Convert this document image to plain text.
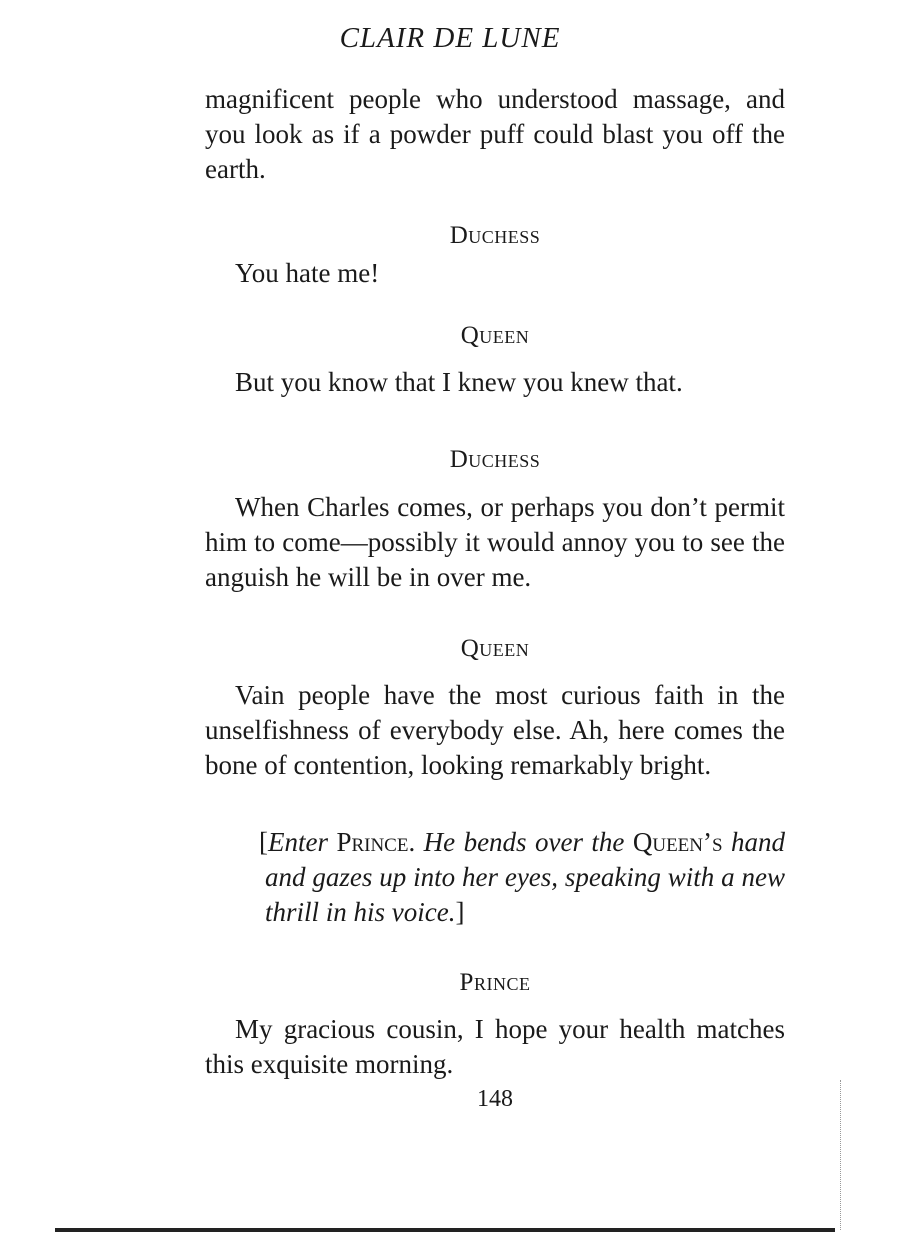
CLAIR DE LUNE
magnificent people who understood massage, and you look as if a powder puff could blast you off the earth.
Duchess
You hate me!
Queen
But you know that I knew you knew that.
Duchess
When Charles comes, or perhaps you don’t permit him to come—possibly it would annoy you to see the anguish he will be in over me.
Queen
Vain people have the most curious faith in the unselfishness of everybody else. Ah, here comes the bone of contention, looking remarkably bright.
[Enter Prince. He bends over the Queen’s hand and gazes up into her eyes, speaking with a new thrill in his voice.]
Prince
My gracious cousin, I hope your health matches this exquisite morning.
148
